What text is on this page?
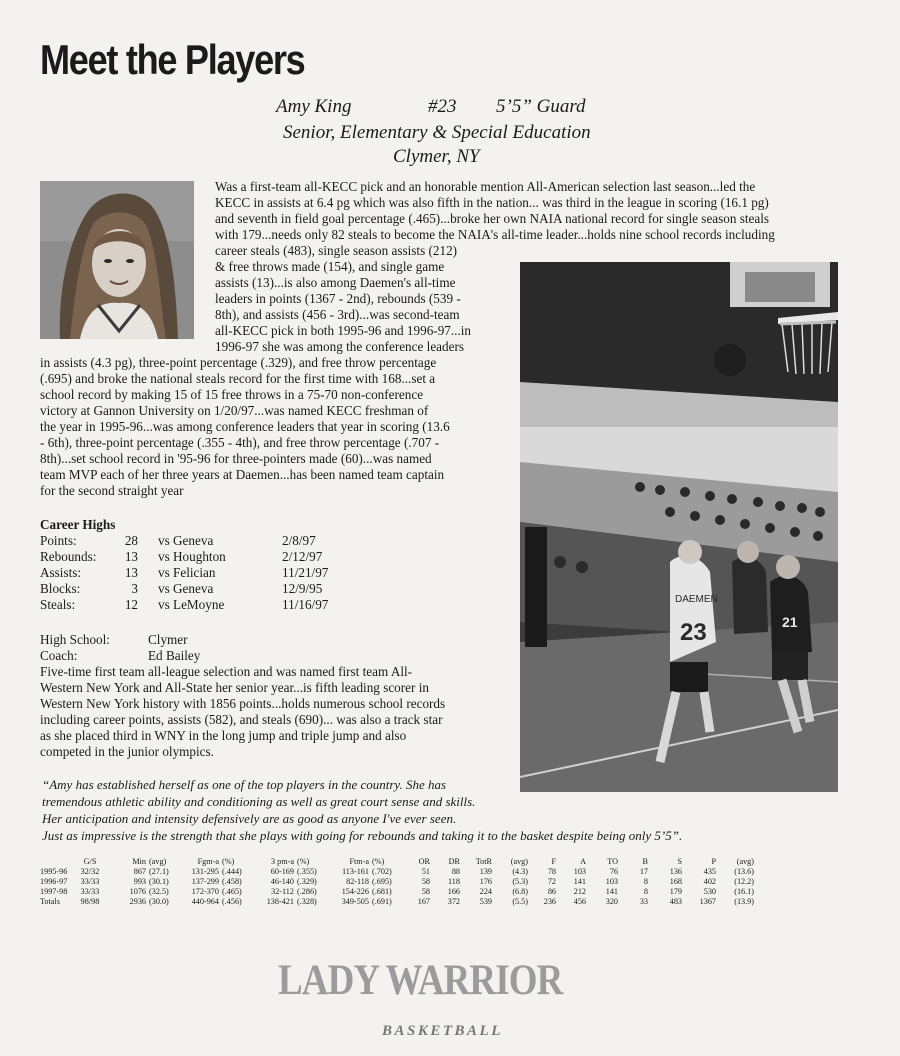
Meet the Players
Amy King	#23 5’5” Guard
Senior, Elementary & Special Education
Clymer, NY
Was a first-team all-KECC pick and an honorable mention All-American selection last season...led the
KECC in assists at 6.4 pg which was also fifth in the nation... was third in the league in scoring (16.1 pg)
and seventh in field goal percentage (.465)...broke her own NAIA national record for single season steals
with 179...needs only 82 steals to become the NAIA's all-time leader...holds nine school records including
career steals (483), single season assists (212)
& free throws made (154), and single game
assists (13)...is also among Daemen's all-time
leaders in points (1367 - 2nd), rebounds (539 -
8th), and assists (456 - 3rd)...was second-team
all-KECC pick in both 1995-96 and 1996-97...in
1996-97 she was among the conference leaders
in assists (4.3 pg), three-point percentage (.329), and free throw percentage
(.695) and broke the national steals record for the first time with 168...set a
school record by making 15 of 15 free throws in a 75-70 non-conference
victory at Gannon University on 1/20/97...was named KECC freshman of
the year in 1995-96...was among conference leaders that year in scoring (13.6
- 6th), three-point percentage (.355 - 4th), and free throw percentage (.707 -
8th)...set school record in '95-96 for three-pointers made (60)...was named
team MVP each of her three years at Daemen...has been named team captain
for the second straight year
23
DAEMEN
21
Career Highs
Points:	28	vs Geneva	2/8/97
Rebounds:	13	vs Houghton	2/12/97
Assists:	13	vs Felician	11/21/97
Blocks:	3	vs Geneva	12/9/95
Steals:	12	vs LeMoyne	11/16/97
High School:	Clymer
Coach:	Ed Bailey
Five-time first team all-league selection and was named first team All-
Western New York and All-State her senior year...is fifth leading scorer in
Western New York history with 1856 points...holds numerous school records
including career points, assists (582), and steals (690)... was also a track star
as she placed third in WNY in the long jump and triple jump and also
competed in the junior olympics.
“Amy has established herself as one of the top players in the country. She has
tremendous athletic ability and conditioning as well as great court sense and skills.
Her anticipation and intensity defensively are as good as anyone I've ever seen.
Just as impressive is the strength that she plays with going for rebounds and taking it to the basket despite being only 5’5”.
	G/S	Min	(avg)	Fgm-a	(%)	3 pm-a	(%)	Ftm-a	(%)	OR	DR	TotR	(avg)	F	A	TO	B	S	P	(avg)
1995-96	32/32	867	(27.1)	131-295	(.444)	60-169	(.355)	113-161	(.702)	51	88	139	(4.3)	78	103	76	17	136	435	(13.6)
1996-97	33/33	993	(30.1)	137-299	(.458)	46-140	(.329)	82-118	(.695)	58	118	176	(5.3)	72	141	103	8	168	402	(12.2)
1997-98	33/33	1076	(32.5)	172-370	(.465)	32-112	(.286)	154-226	(.681)	58	166	224	(6.8)	86	212	141	8	179	530	(16.1)
Totals	98/98	2936	(30.0)	440-964	(.456)	138-421	(.328)	349-505	(.691)	167	372	539	(5.5)	236	456	320	33	483	1367	(13.9)
LADY WARRIOR
BASKETBALL
